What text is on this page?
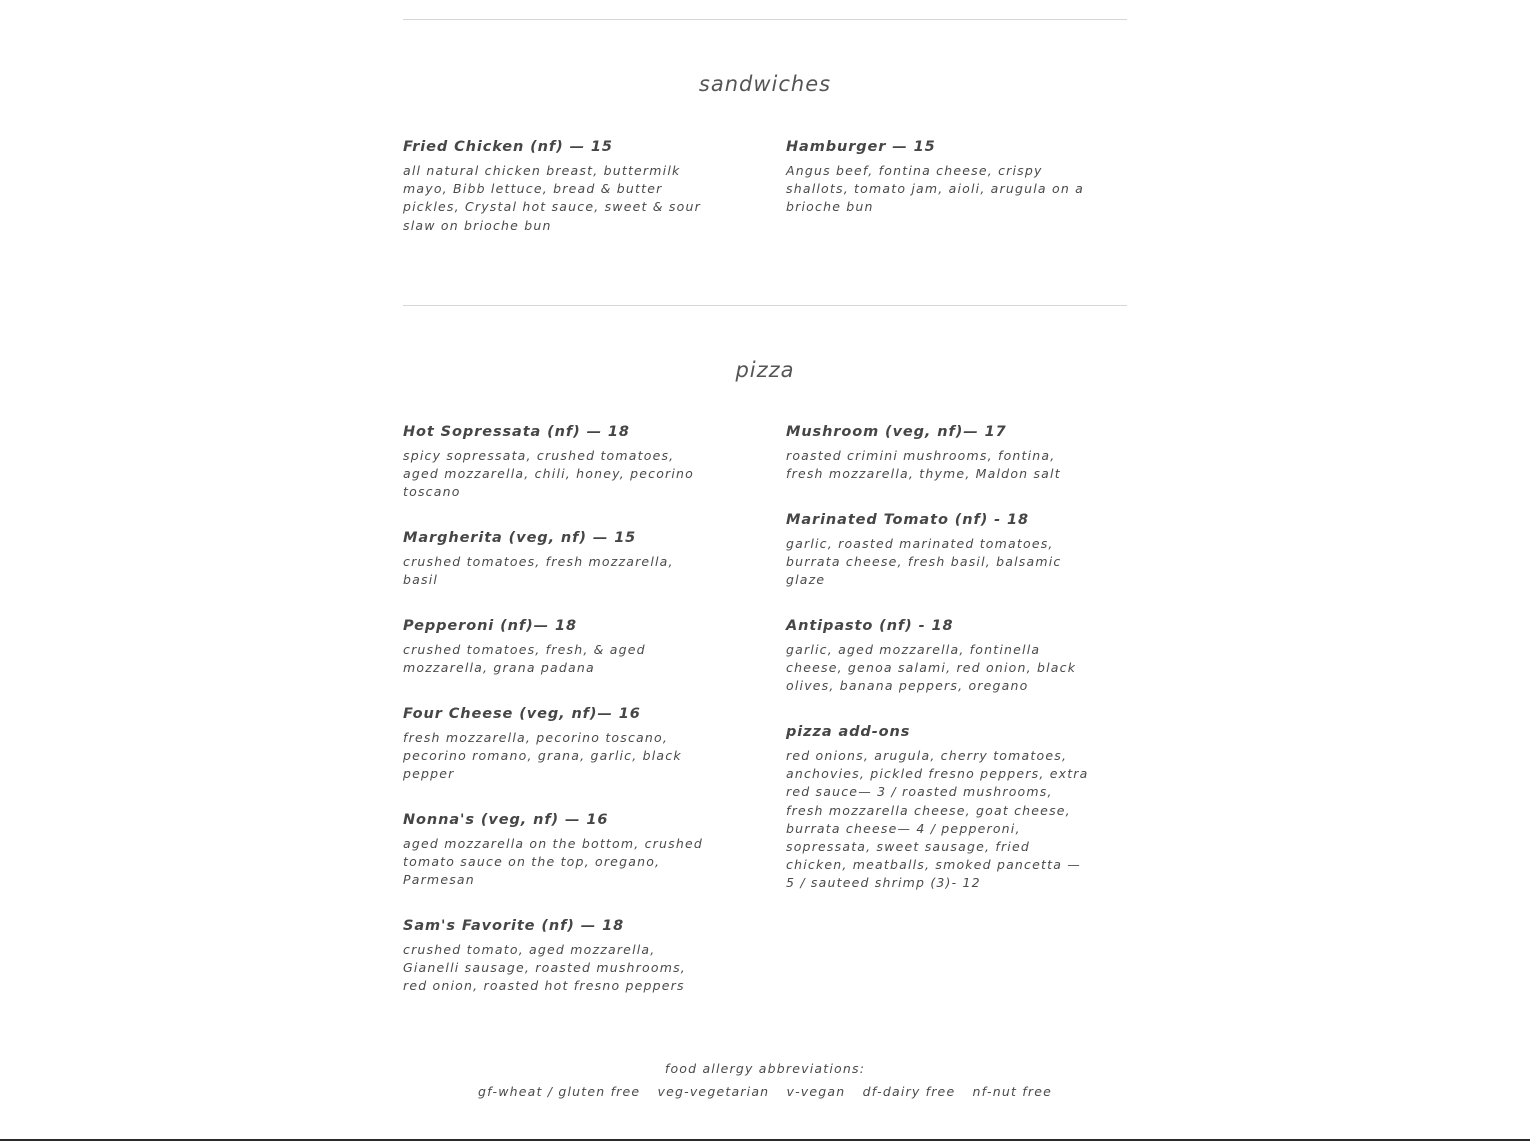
sandwiches
Fried Chicken (nf) — 15
all natural chicken breast, buttermilk mayo, Bibb lettuce, bread & butter pickles, Crystal hot sauce, sweet & sour slaw on brioche bun
Hamburger — 15
Angus beef, fontina cheese, crispy shallots, tomato jam, aioli, arugula on a brioche bun
pizza
Hot Sopressata (nf) — 18
spicy sopressata, crushed tomatoes, aged mozzarella, chili, honey, pecorino toscano
Margherita (veg, nf) — 15
crushed tomatoes, fresh mozzarella, basil
Pepperoni (nf)— 18
crushed tomatoes, fresh, & aged mozzarella, grana padana
Four Cheese (veg, nf)— 16
fresh mozzarella, pecorino toscano, pecorino romano, grana, garlic, black pepper
Nonna's (veg, nf) — 16
aged mozzarella on the bottom, crushed tomato sauce on the top, oregano, Parmesan
Sam's Favorite (nf) — 18
crushed tomato, aged mozzarella, Gianelli sausage, roasted mushrooms, red onion, roasted hot fresno peppers
Mushroom (veg, nf)— 17
roasted crimini mushrooms, fontina, fresh mozzarella, thyme, Maldon salt
Marinated Tomato (nf) - 18
garlic, roasted marinated tomatoes, burrata cheese, fresh basil, balsamic glaze
Antipasto (nf) - 18
garlic, aged mozzarella, fontinella cheese, genoa salami, red onion, black olives, banana peppers, oregano
pizza add-ons
red onions, arugula, cherry tomatoes, anchovies, pickled fresno peppers, extra red sauce— 3 / roasted mushrooms, fresh mozzarella cheese, goat cheese, burrata cheese— 4 / pepperoni, sopressata, sweet sausage, fried chicken, meatballs, smoked pancetta — 5 / sauteed shrimp (3)- 12
food allergy abbreviations:
gf-wheat / gluten free veg-vegetarian v-vegan df-dairy free nf-nut free
